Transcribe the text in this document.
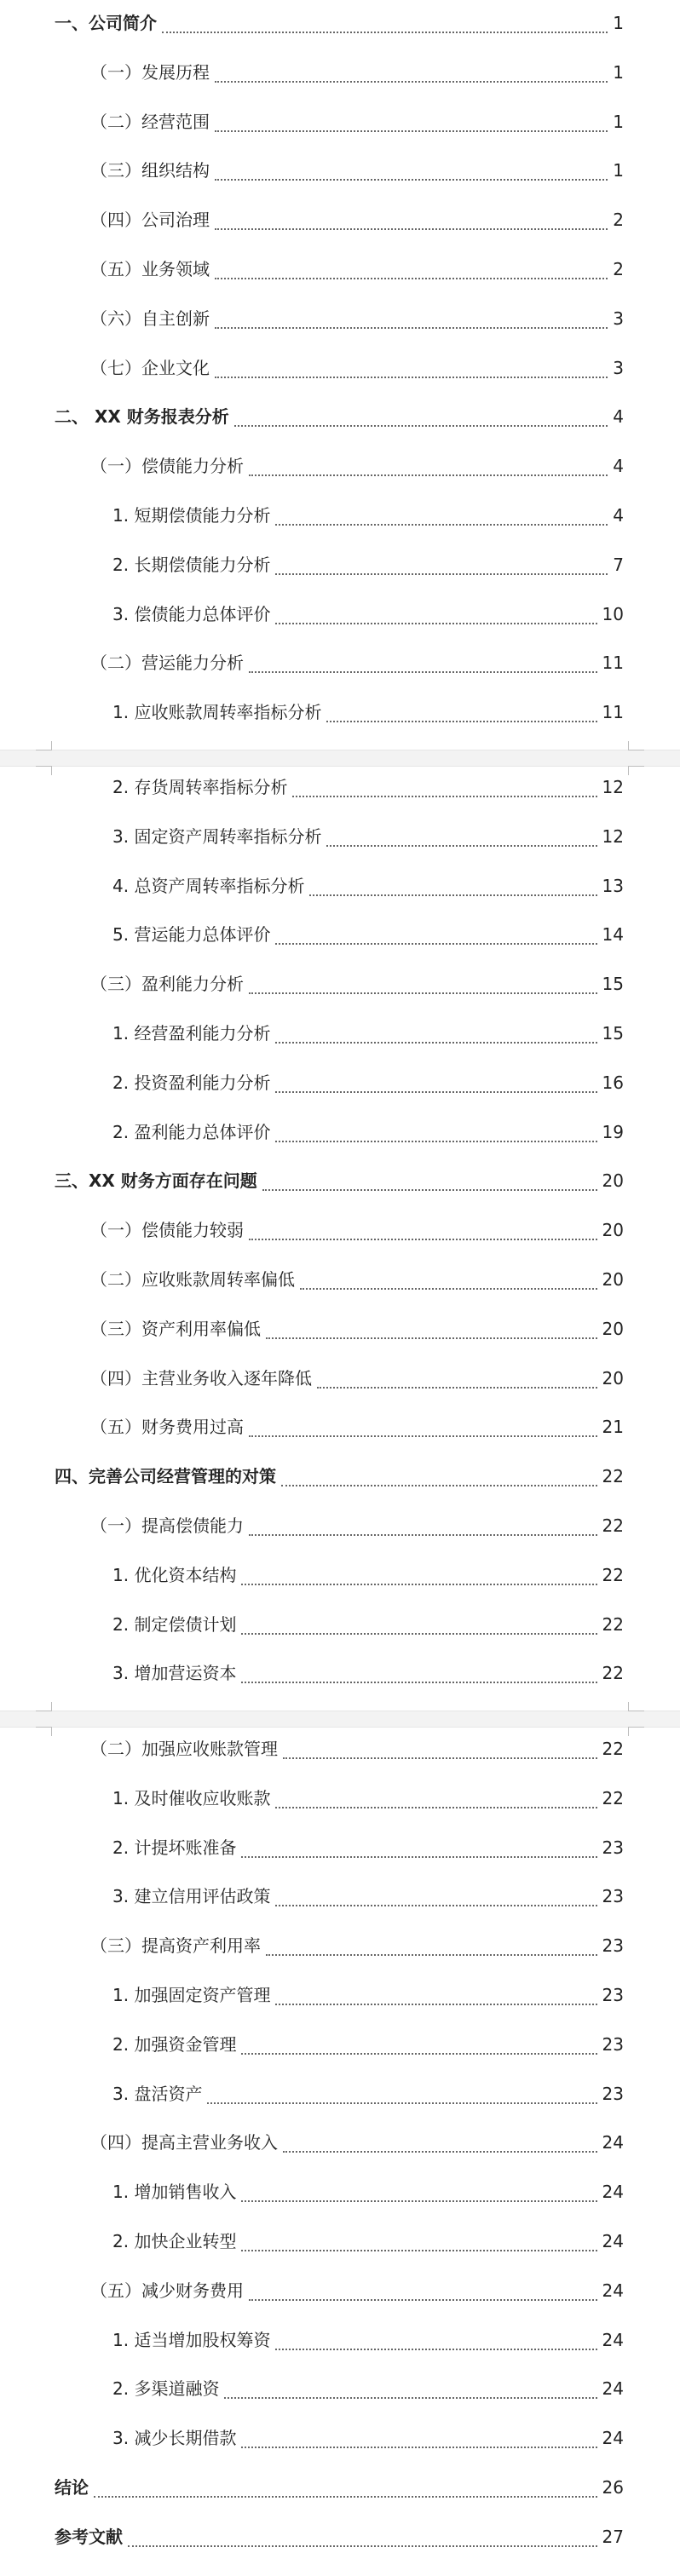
一、公司简介	1
（一）发展历程	1
（二）经营范围	1
（三）组织结构	1
（四）公司治理	2
（五）业务领域	2
（六）自主创新	3
（七）企业文化	3
二、 XX 财务报表分析	4
（一）偿债能力分析	4
1. 短期偿债能力分析	4
2. 长期偿债能力分析	7
3. 偿债能力总体评价	10
（二）营运能力分析	11
1. 应收账款周转率指标分析	11
2. 存货周转率指标分析	12
3. 固定资产周转率指标分析	12
4. 总资产周转率指标分析	13
5. 营运能力总体评价	14
（三）盈利能力分析	15
1. 经营盈利能力分析	15
2. 投资盈利能力分析	16
2. 盈利能力总体评价	19
三、XX 财务方面存在问题	20
（一）偿债能力较弱	20
（二）应收账款周转率偏低	20
（三）资产利用率偏低	20
（四）主营业务收入逐年降低	20
（五）财务费用过高	21
四、完善公司经营管理的对策	22
（一）提高偿债能力	22
1. 优化资本结构	22
2. 制定偿债计划	22
3. 增加营运资本	22
（二）加强应收账款管理	22
1. 及时催收应收账款	22
2. 计提坏账准备	23
3. 建立信用评估政策	23
（三）提高资产利用率	23
1. 加强固定资产管理	23
2. 加强资金管理	23
3. 盘活资产	23
（四）提高主营业务收入	24
1. 增加销售收入	24
2. 加快企业转型	24
（五）减少财务费用	24
1. 适当增加股权筹资	24
2. 多渠道融资	24
3. 减少长期借款	24
结论	26
参考文献	27
